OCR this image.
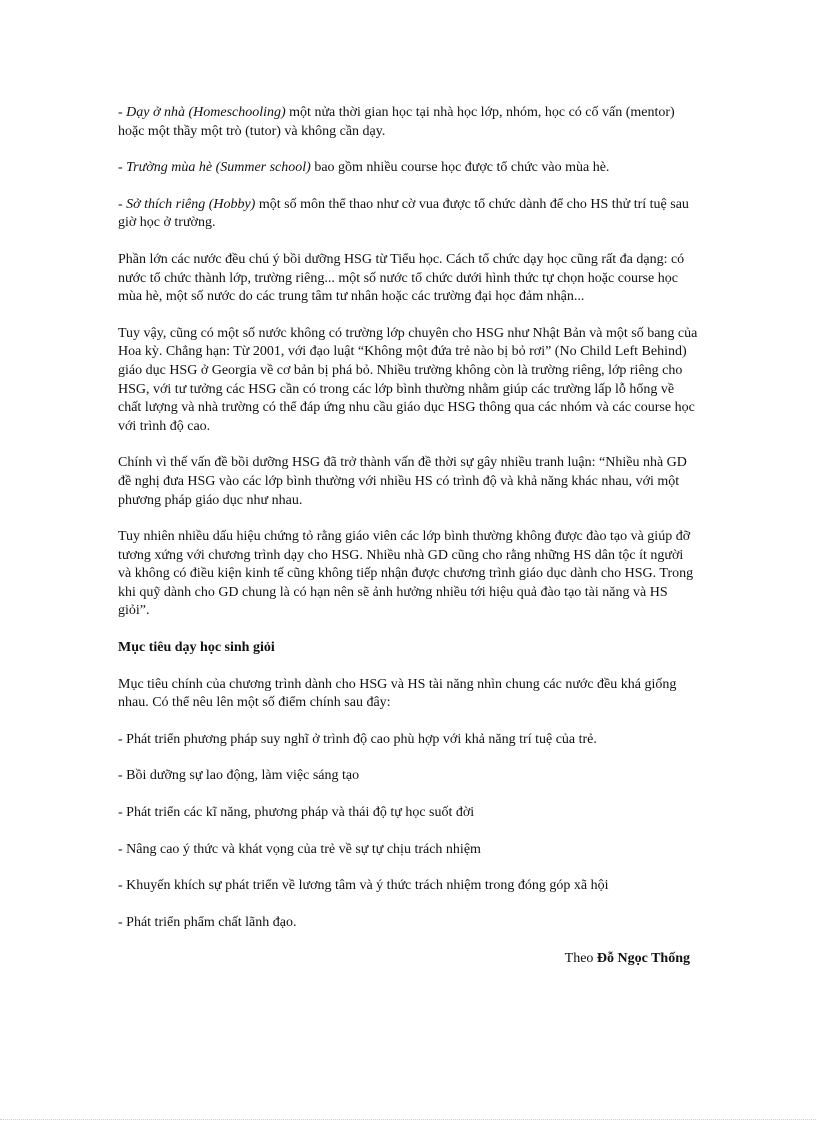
- Dạy ở nhà (Homeschooling) một nửa thời gian học tại nhà học lớp, nhóm, học có cố vấn (mentor) hoặc một thầy một trò (tutor) và không cần dạy.

- Trường mùa hè (Summer school) bao gồm nhiều course học được tổ chức vào mùa hè.

- Sở thích riêng (Hobby) một số môn thể thao như cờ vua được tổ chức dành để cho HS thử trí tuệ sau giờ học ở trường.

Phần lớn các nước đều chú ý bồi dưỡng HSG từ Tiểu học. Cách tổ chức dạy học cũng rất đa dạng: có nước tổ chức thành lớp, trường riêng... một số nước tổ chức dưới hình thức tự chọn hoặc course học mùa hè, một số nước do các trung tâm tư nhân hoặc các trường đại học đảm nhận...

Tuy vậy, cũng có một số nước không có trường lớp chuyên cho HSG như Nhật Bản và một số bang của Hoa kỳ. Chẳng hạn: Từ 2001, với đạo luật “Không một đứa trẻ nào bị bỏ rơi” (No Child Left Behind) giáo dục HSG ở Georgia về cơ bản bị phá bỏ. Nhiều trường không còn là trường riêng, lớp riêng cho HSG, với tư tưởng các HSG cần có trong các lớp bình thường nhằm giúp các trường lấp lỗ hổng về chất lượng và nhà trường có thể đáp ứng nhu cầu giáo dục HSG thông qua các nhóm và các course học với trình độ cao.

Chính vì thế vấn đề bồi dưỡng HSG đã trở thành vấn đề thời sự gây nhiều tranh luận: “Nhiều nhà GD đề nghị đưa HSG vào các lớp bình thường với nhiều HS có trình độ và khả năng khác nhau, với một phương pháp giáo dục như nhau.

Tuy nhiên nhiều dấu hiệu chứng tỏ rằng giáo viên các lớp bình thường không được đào tạo và giúp đỡ tương xứng với chương trình dạy cho HSG. Nhiều nhà GD cũng cho rằng những HS dân tộc ít người và không có điều kiện kinh tế cũng không tiếp nhận được chương trình giáo dục dành cho HSG. Trong khi quỹ dành cho GD chung là có hạn nên sẽ ảnh hưởng nhiều tới hiệu quả đào tạo tài năng và HS giỏi”.

Mục tiêu dạy học sinh giỏi

Mục tiêu chính của chương trình dành cho HSG và HS tài năng nhìn chung các nước đều khá giống nhau. Có thể nêu lên một số điểm chính sau đây:

- Phát triển phương pháp suy nghĩ ở trình độ cao phù hợp với khả năng trí tuệ của trẻ.

- Bồi dưỡng sự lao động, làm việc sáng tạo

- Phát triển các kĩ năng, phương pháp và thái độ tự học suốt đời

- Nâng cao ý thức và khát vọng của trẻ về sự tự chịu trách nhiệm

- Khuyến khích sự phát triển về lương tâm và ý thức trách nhiệm trong đóng góp xã hội

- Phát triển phẩm chất lãnh đạo.

Theo Đỗ Ngọc Thống
